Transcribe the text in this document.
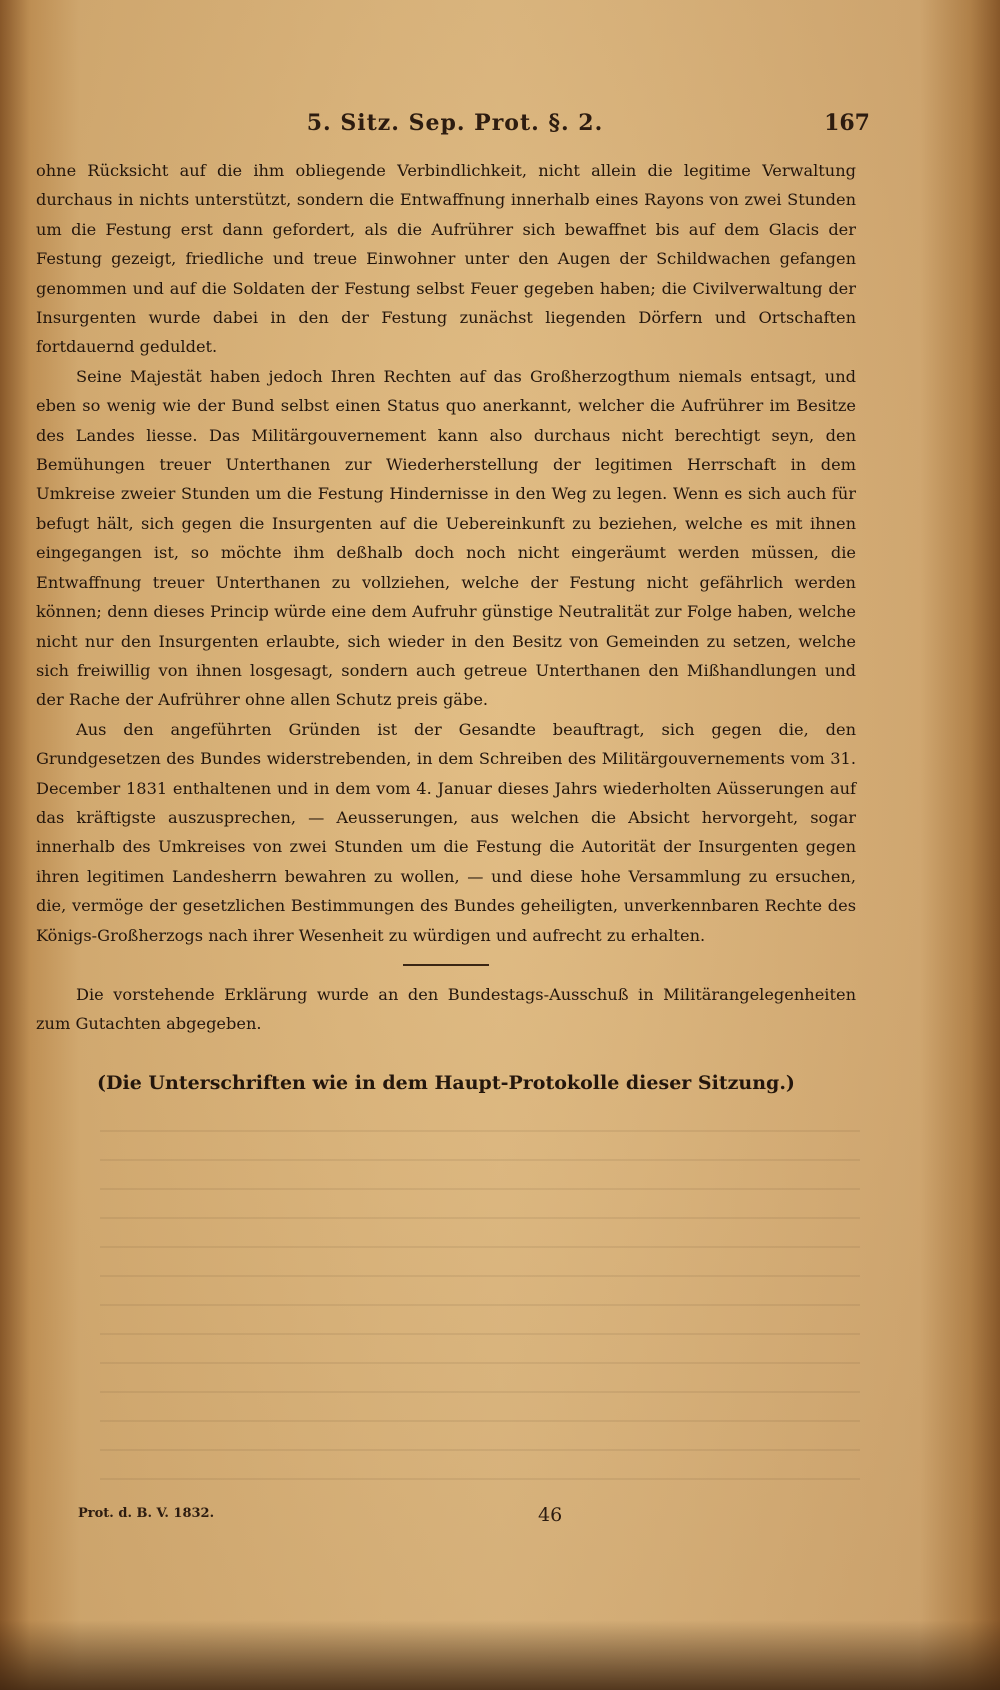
5. Sitz. Sep. Prot. §. 2.	167

ohne Rücksicht auf die ihm obliegende Verbindlichkeit, nicht allein die legitime Verwaltung durchaus in nichts unterstützt, sondern die Entwaffnung innerhalb eines Rayons von zwei Stunden um die Festung erst dann gefordert, als die Aufrührer sich bewaffnet bis auf dem Glacis der Festung gezeigt, friedliche und treue Einwohner unter den Augen der Schildwachen gefangen genommen und auf die Soldaten der Festung selbst Feuer gegeben haben; die Civilverwaltung der Insurgenten wurde dabei in den der Festung zunächst liegenden Dörfern und Ortschaften fortdauernd geduldet.

Seine Majestät haben jedoch Ihren Rechten auf das Großherzogthum niemals entsagt, und eben so wenig wie der Bund selbst einen Status quo anerkannt, welcher die Aufrührer im Besitze des Landes liesse. Das Militärgouvernement kann also durchaus nicht berechtigt seyn, den Bemühungen treuer Unterthanen zur Wiederherstellung der legitimen Herrschaft in dem Umkreise zweier Stunden um die Festung Hindernisse in den Weg zu legen. Wenn es sich auch für befugt hält, sich gegen die Insurgenten auf die Uebereinkunft zu beziehen, welche es mit ihnen eingegangen ist, so möchte ihm deßhalb doch noch nicht eingeräumt werden müssen, die Entwaffnung treuer Unterthanen zu vollziehen, welche der Festung nicht gefährlich werden können; denn dieses Princip würde eine dem Aufruhr günstige Neutralität zur Folge haben, welche nicht nur den Insurgenten erlaubte, sich wieder in den Besitz von Gemeinden zu setzen, welche sich freiwillig von ihnen losgesagt, sondern auch getreue Unterthanen den Mißhandlungen und der Rache der Aufrührer ohne allen Schutz preis gäbe.

Aus den angeführten Gründen ist der Gesandte beauftragt, sich gegen die, den Grundgesetzen des Bundes widerstrebenden, in dem Schreiben des Militärgouvernements vom 31. December 1831 enthaltenen und in dem vom 4. Januar dieses Jahrs wiederholten Aüsserungen auf das kräftigste auszusprechen, — Aeusserungen, aus welchen die Absicht hervorgeht, sogar innerhalb des Umkreises von zwei Stunden um die Festung die Autorität der Insurgenten gegen ihren legitimen Landesherrn bewahren zu wollen, — und diese hohe Versammlung zu ersuchen, die, vermöge der gesetzlichen Bestimmungen des Bundes geheiligten, unverkennbaren Rechte des Königs-Großherzogs nach ihrer Wesenheit zu würdigen und aufrecht zu erhalten.

Die vorstehende Erklärung wurde an den Bundestags-Ausschuß in Militärangelegenheiten zum Gutachten abgegeben.

(Die Unterschriften wie in dem Haupt-Protokolle dieser Sitzung.)

Prot. d. B. V. 1832.	46
